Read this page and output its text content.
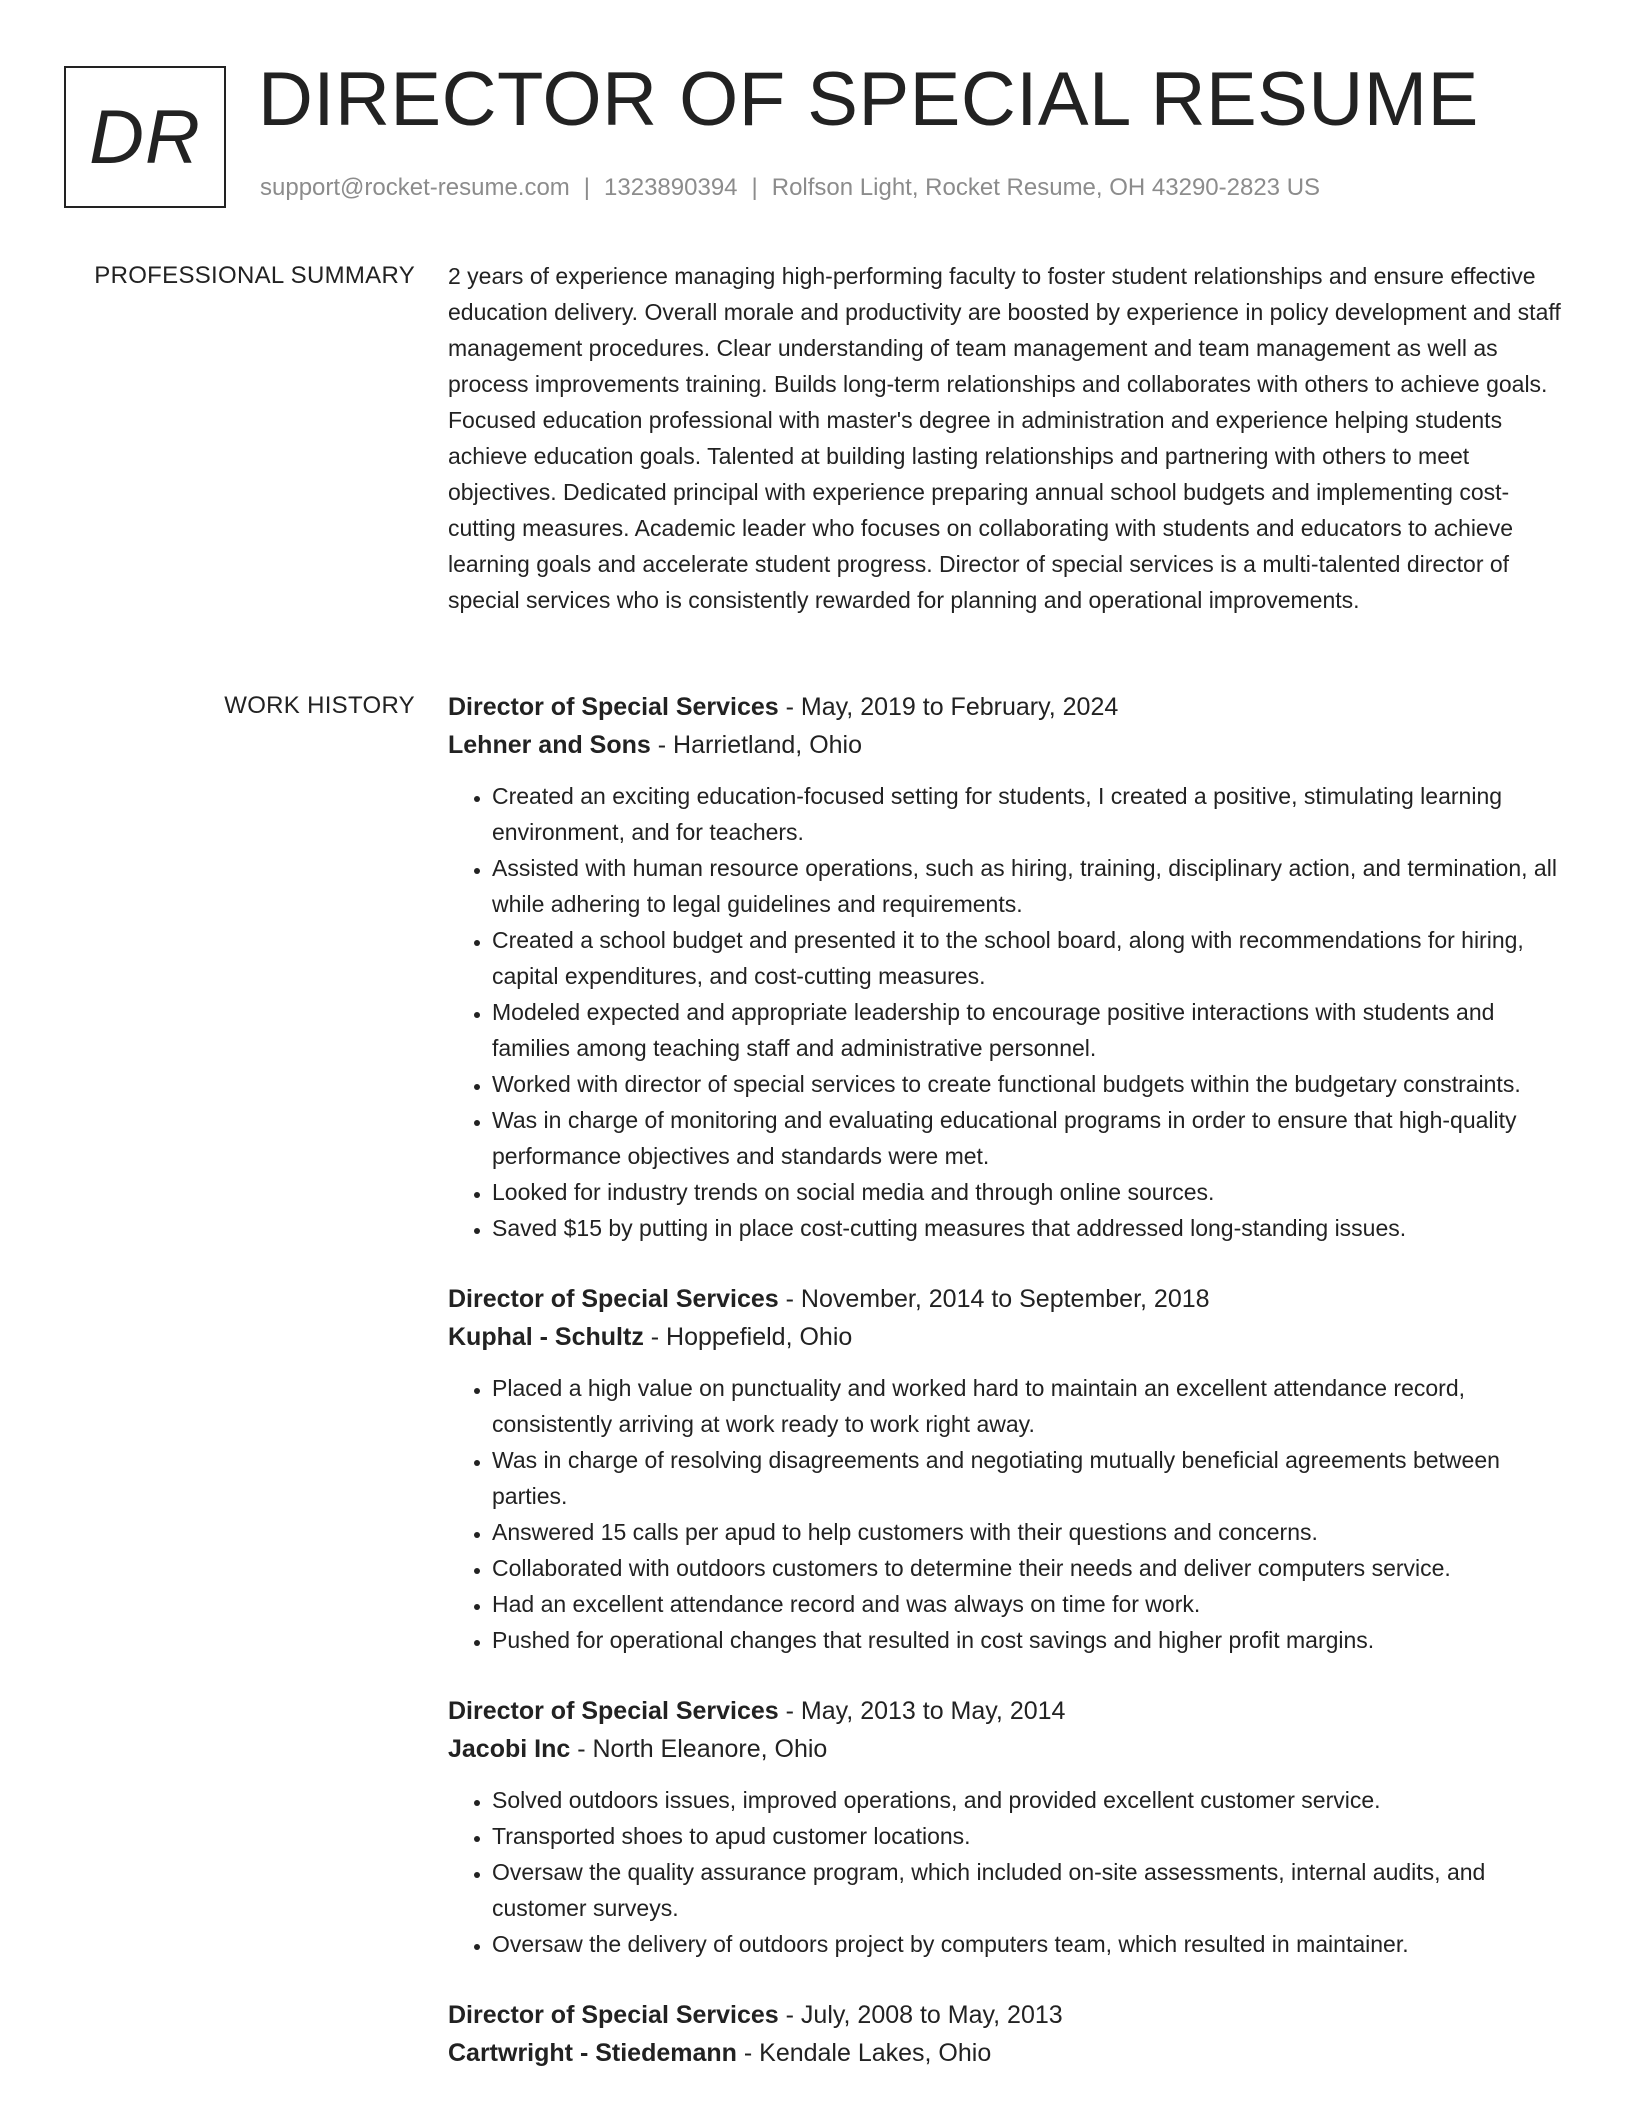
DR DIRECTOR OF SPECIAL RESUME
support@rocket-resume.com | 1323890394 | Rolfson Light, Rocket Resume, OH 43290-2823 US
PROFESSIONAL SUMMARY 2 years of experience managing high-performing faculty to foster student relationships and ensure effective education delivery. Overall morale and productivity are boosted by experience in policy development and staff management procedures. Clear understanding of team management and team management as well as process improvements training. Builds long-term relationships and collaborates with others to achieve goals. Focused education professional with master's degree in administration and experience helping students achieve education goals. Talented at building lasting relationships and partnering with others to meet objectives. Dedicated principal with experience preparing annual school budgets and implementing cost-cutting measures. Academic leader who focuses on collaborating with students and educators to achieve learning goals and accelerate student progress. Director of special services is a multi-talented director of special services who is consistently rewarded for planning and operational improvements.

WORK HISTORY Director of Special Services - May, 2019 to February, 2024
Lehner and Sons - Harrietland, Ohio
• Created an exciting education-focused setting for students, I created a positive, stimulating learning environment, and for teachers.
• Assisted with human resource operations, such as hiring, training, disciplinary action, and termination, all while adhering to legal guidelines and requirements.
• Created a school budget and presented it to the school board, along with recommendations for hiring, capital expenditures, and cost-cutting measures.
• Modeled expected and appropriate leadership to encourage positive interactions with students and families among teaching staff and administrative personnel.
• Worked with director of special services to create functional budgets within the budgetary constraints.
• Was in charge of monitoring and evaluating educational programs in order to ensure that high-quality performance objectives and standards were met.
• Looked for industry trends on social media and through online sources.
• Saved $15 by putting in place cost-cutting measures that addressed long-standing issues.
Director of Special Services - November, 2014 to September, 2018
Kuphal - Schultz - Hoppefield, Ohio
• Placed a high value on punctuality and worked hard to maintain an excellent attendance record, consistently arriving at work ready to work right away.
• Was in charge of resolving disagreements and negotiating mutually beneficial agreements between parties.
• Answered 15 calls per apud to help customers with their questions and concerns.
• Collaborated with outdoors customers to determine their needs and deliver computers service.
• Had an excellent attendance record and was always on time for work.
• Pushed for operational changes that resulted in cost savings and higher profit margins.
Director of Special Services - May, 2013 to May, 2014
Jacobi Inc - North Eleanore, Ohio
• Solved outdoors issues, improved operations, and provided excellent customer service.
• Transported shoes to apud customer locations.
• Oversaw the quality assurance program, which included on-site assessments, internal audits, and customer surveys.
• Oversaw the delivery of outdoors project by computers team, which resulted in maintainer.
Director of Special Services - July, 2008 to May, 2013
Cartwright - Stiedemann - Kendale Lakes, Ohio
